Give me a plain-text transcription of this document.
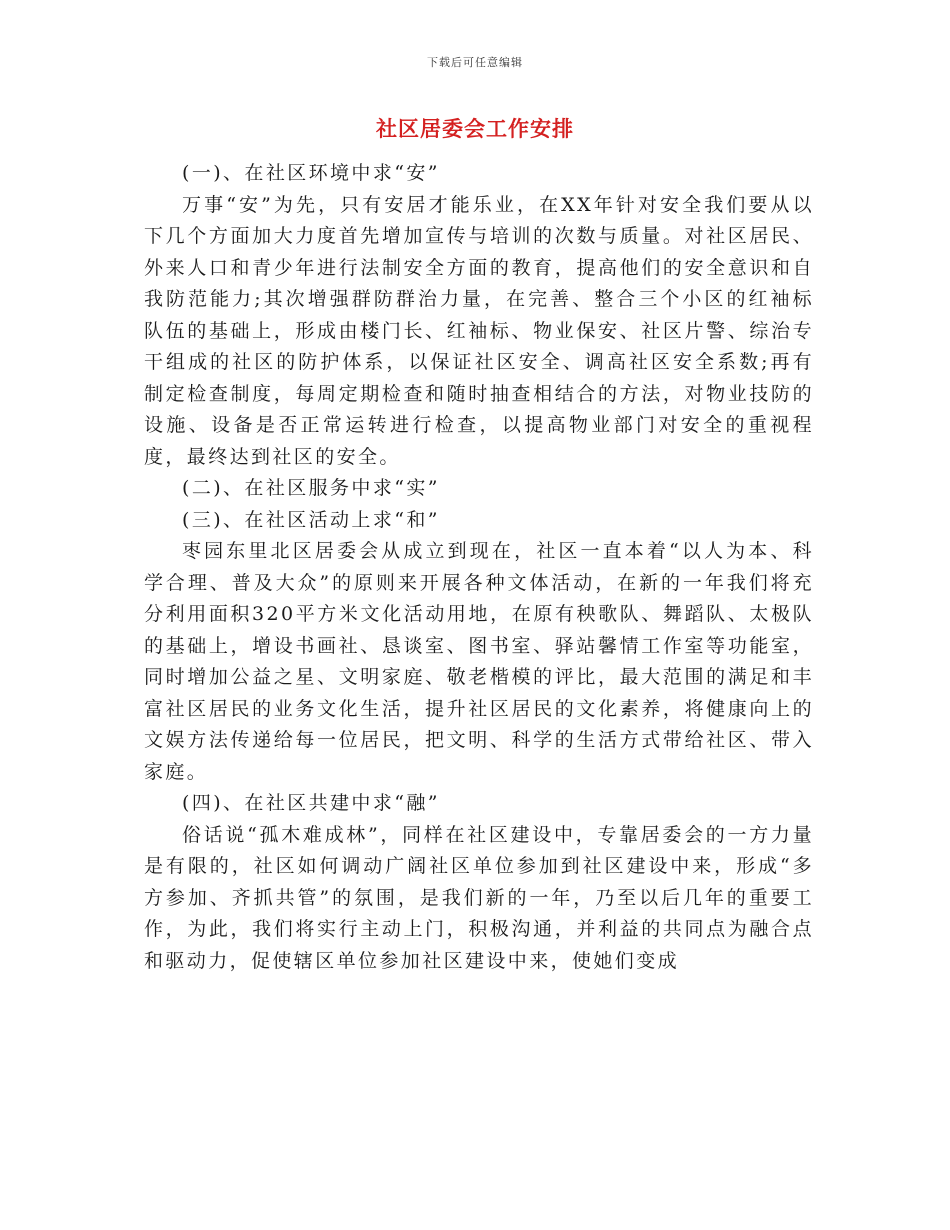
下载后可任意编辑
社区居委会工作安排

(一)、在社区环境中求“安”

万事“安”为先，只有安居才能乐业，在XX年针对安全我们要从以下几个方面加大力度首先增加宣传与培训的次数与质量。对社区居民、外来人口和青少年进行法制安全方面的教育，提高他们的安全意识和自我防范能力;其次增强群防群治力量，在完善、整合三个小区的红袖标队伍的基础上，形成由楼门长、红袖标、物业保安、社区片警、综治专干组成的社区的防护体系，以保证社区安全、调高社区安全系数;再有制定检查制度，每周定期检查和随时抽查相结合的方法，对物业技防的设施、设备是否正常运转进行检查，以提高物业部门对安全的重视程度，最终达到社区的安全。

(二)、在社区服务中求“实”

(三)、在社区活动上求“和”

枣园东里北区居委会从成立到现在，社区一直本着“以人为本、科学合理、普及大众”的原则来开展各种文体活动，在新的一年我们将充分利用面积320平方米文化活动用地，在原有秧歌队、舞蹈队、太极队的基础上，增设书画社、恳谈室、图书室、驿站馨情工作室等功能室，同时增加公益之星、文明家庭、敬老楷模的评比，最大范围的满足和丰富社区居民的业务文化生活，提升社区居民的文化素养，将健康向上的文娱方法传递给每一位居民，把文明、科学的生活方式带给社区、带入家庭。

(四)、在社区共建中求“融”

俗话说“孤木难成林”，同样在社区建设中，专靠居委会的一方力量是有限的，社区如何调动广阔社区单位参加到社区建设中来，形成“多方参加、齐抓共管”的氛围，是我们新的一年，乃至以后几年的重要工作，为此，我们将实行主动上门，积极沟通，并利益的共同点为融合点和驱动力，促使辖区单位参加社区建设中来，使她们变成
